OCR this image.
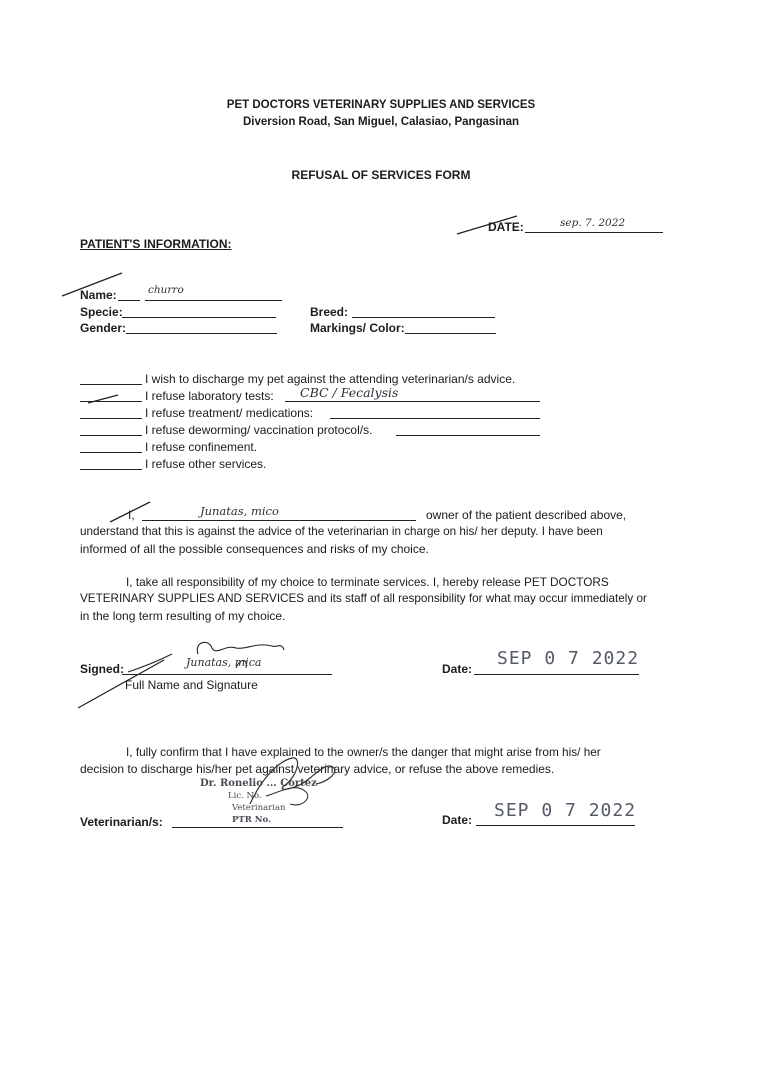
PET DOCTORS VETERINARY SUPPLIES AND SERVICES
Diversion Road, San Miguel, Calasiao, Pangasinan
REFUSAL OF SERVICES FORM
DATE:	sep. 7. 2022
PATIENT'S INFORMATION:
Name:	churro
Specie:	Breed:
Gender:	Markings/ Color:
I wish to discharge my pet against the attending veterinarian/s advice.
I refuse laboratory tests: CBC / Fecalysis
I refuse treatment/ medications:
I refuse deworming/ vaccination protocol/s.
I refuse confinement.
I refuse other services.
I,	Junatas, mico	owner of the patient described above,
understand that this is against the advice of the veterinarian in charge on his/ her deputy. I have been
informed of all the possible consequences and risks of my choice.
I, take all responsibility of my choice to terminate services. I, hereby release PET DOCTORS
VETERINARY SUPPLIES AND SERVICES and its staff of all responsibility for what may occur immediately or
in the long term resulting of my choice.
Signed:	Junatas, mica
Full Name and Signature
Date: SEP 0 7 2022
I, fully confirm that I have explained to the owner/s the danger that might arise from his/ her
decision to discharge his/her pet against veterinary advice, or refuse the above remedies.
Veterinarian/s:
Dr. Ronelio ... Cortez
Lic. No.
Veterinarian
PTR No.	Date: SEP 0 7 2022
